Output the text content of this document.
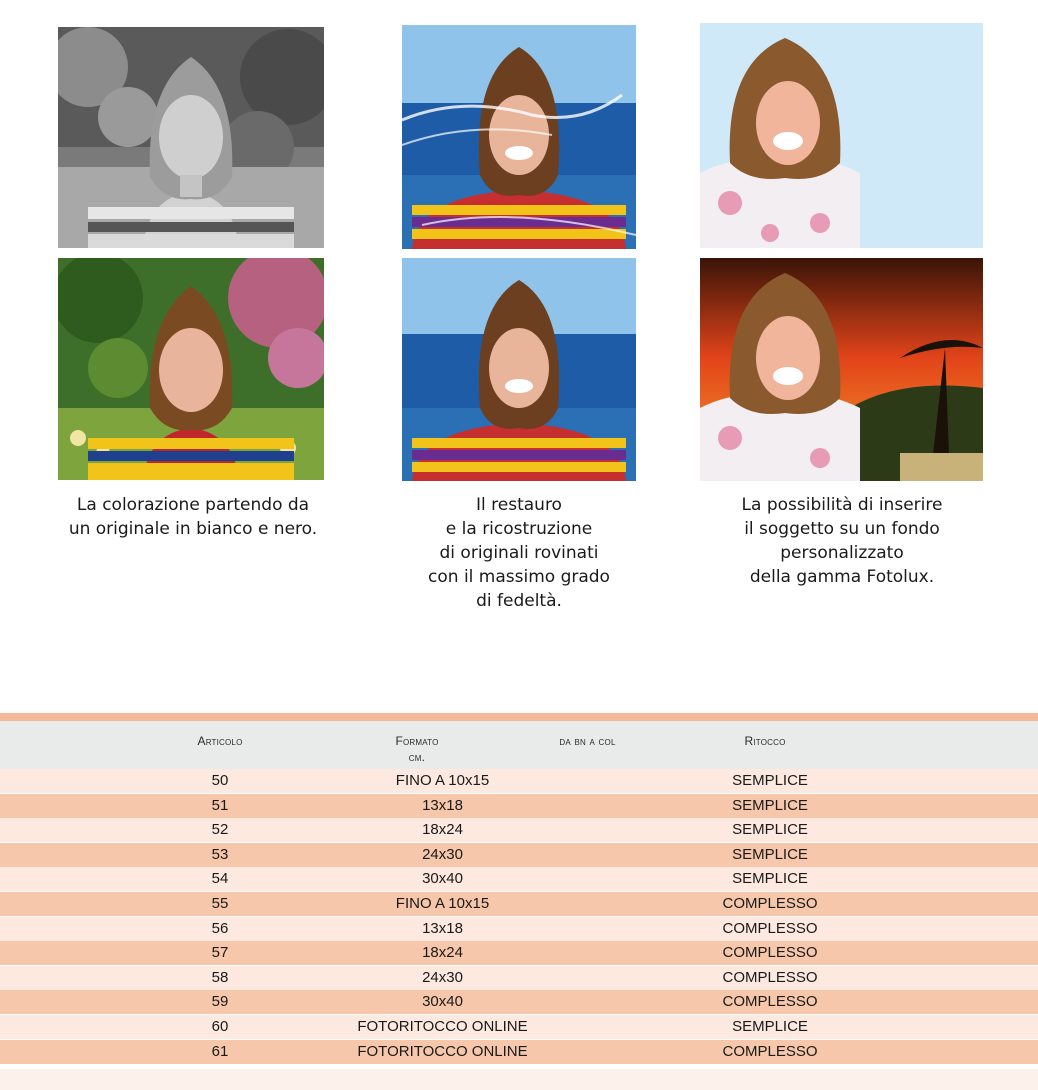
La colorazione partendo da
un originale in bianco e nero.
Il restauro
e la ricostruzione
di originali rovinati
con il massimo grado
di fedeltà.
La possibilità di inserire
il soggetto su un fondo
personalizzato
della gamma Fotolux.
Articolo	Formato
cm.
da bn a col	Ritocco
50	FINO A 10x15	SEMPLICE
51	13x18	SEMPLICE
52	18x24	SEMPLICE
53	24x30	SEMPLICE
54	30x40	SEMPLICE
55	FINO A 10x15	COMPLESSO
56	13x18	COMPLESSO
57	18x24	COMPLESSO
58	24x30	COMPLESSO
59	30x40	COMPLESSO
60	FOTORITOCCO ONLINE	SEMPLICE
61	FOTORITOCCO ONLINE	COMPLESSO
